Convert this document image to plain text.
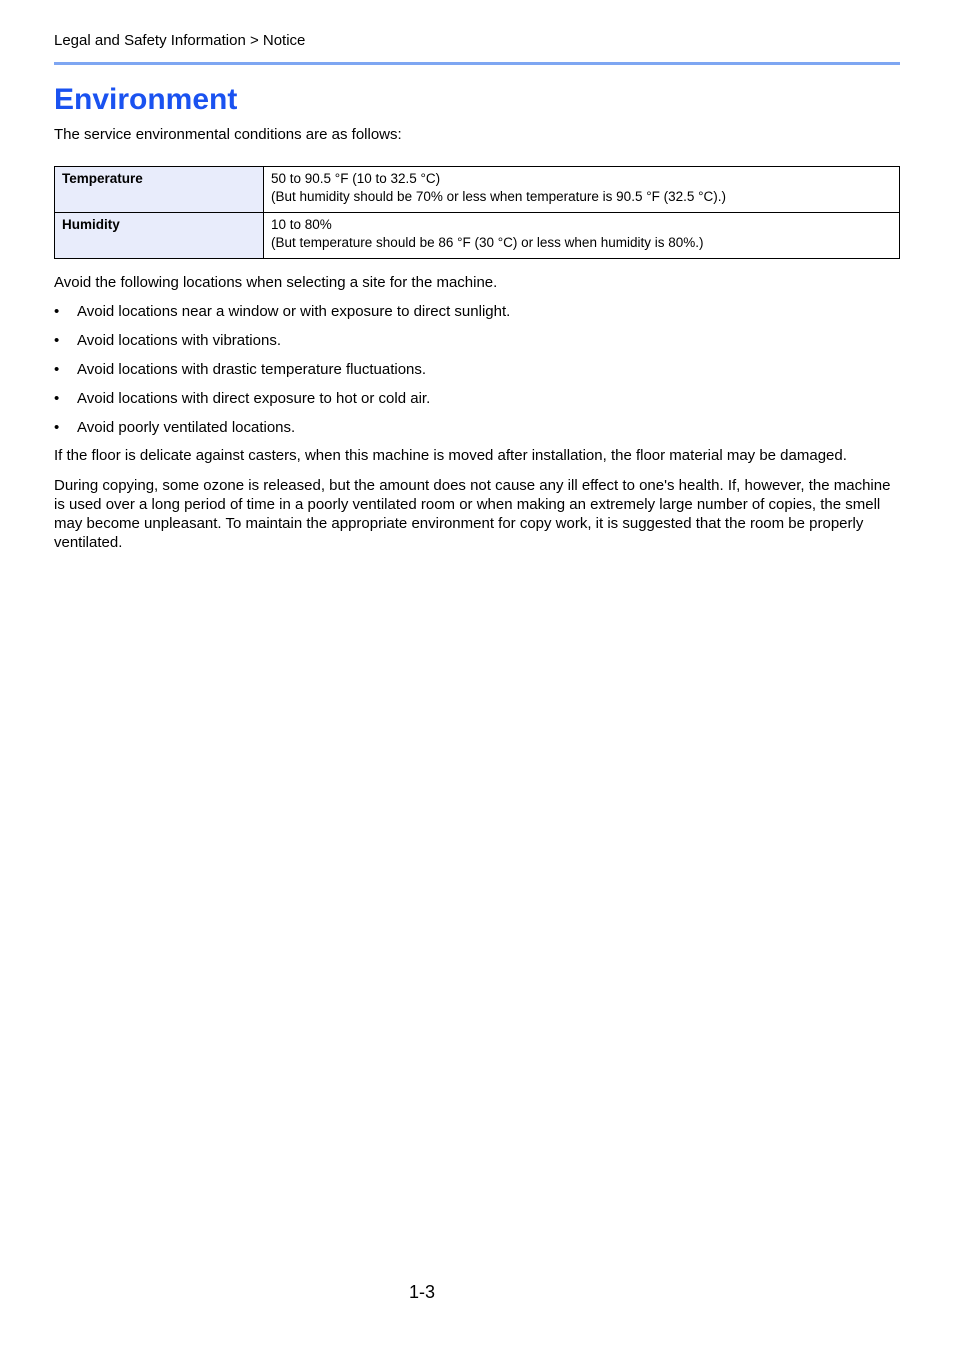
Legal and Safety Information > Notice
Environment

The service environmental conditions are as follows:

Temperature	50 to 90.5 °F (10 to 32.5 °C)
(But humidity should be 70% or less when temperature is 90.5 °F (32.5 °C).)

Humidity	10 to 80%
(But temperature should be 86 °F (30 °C) or less when humidity is 80%.)

Avoid the following locations when selecting a site for the machine.

• Avoid locations near a window or with exposure to direct sunlight.
• Avoid locations with vibrations.
• Avoid locations with drastic temperature fluctuations.
• Avoid locations with direct exposure to hot or cold air.
• Avoid poorly ventilated locations.

If the floor is delicate against casters, when this machine is moved after installation, the floor material may be damaged.

During copying, some ozone is released, but the amount does not cause any ill effect to one's health. If, however, the machine is used over a long period of time in a poorly ventilated room or when making an extremely large number of copies, the smell may become unpleasant. To maintain the appropriate environment for copy work, it is suggested that the room be properly ventilated.

1-3
